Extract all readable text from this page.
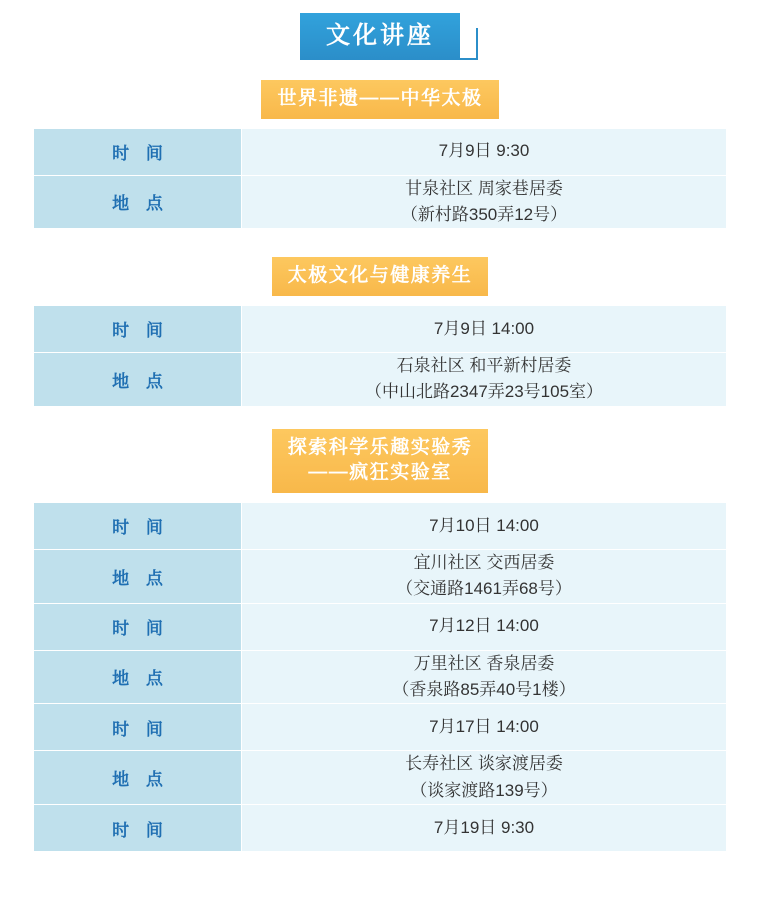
文化讲座
世界非遗——中华太极
时 间	7月9日 9:30
地 点	甘泉社区 周家巷居委
（新村路350弄12号）
太极文化与健康养生
时 间	7月9日 14:00
地 点	石泉社区 和平新村居委
（中山北路2347弄23号105室）
探索科学乐趣实验秀
——疯狂实验室
时 间	7月10日 14:00
地 点	宜川社区 交西居委
（交通路1461弄68号）

时 间	7月12日 14:00
地 点	万里社区 香泉居委
（香泉路85弄40号1楼）

时 间	7月17日 14:00
地 点	长寿社区 谈家渡居委
（谈家渡路139号）

时 间	7月19日 9:30
